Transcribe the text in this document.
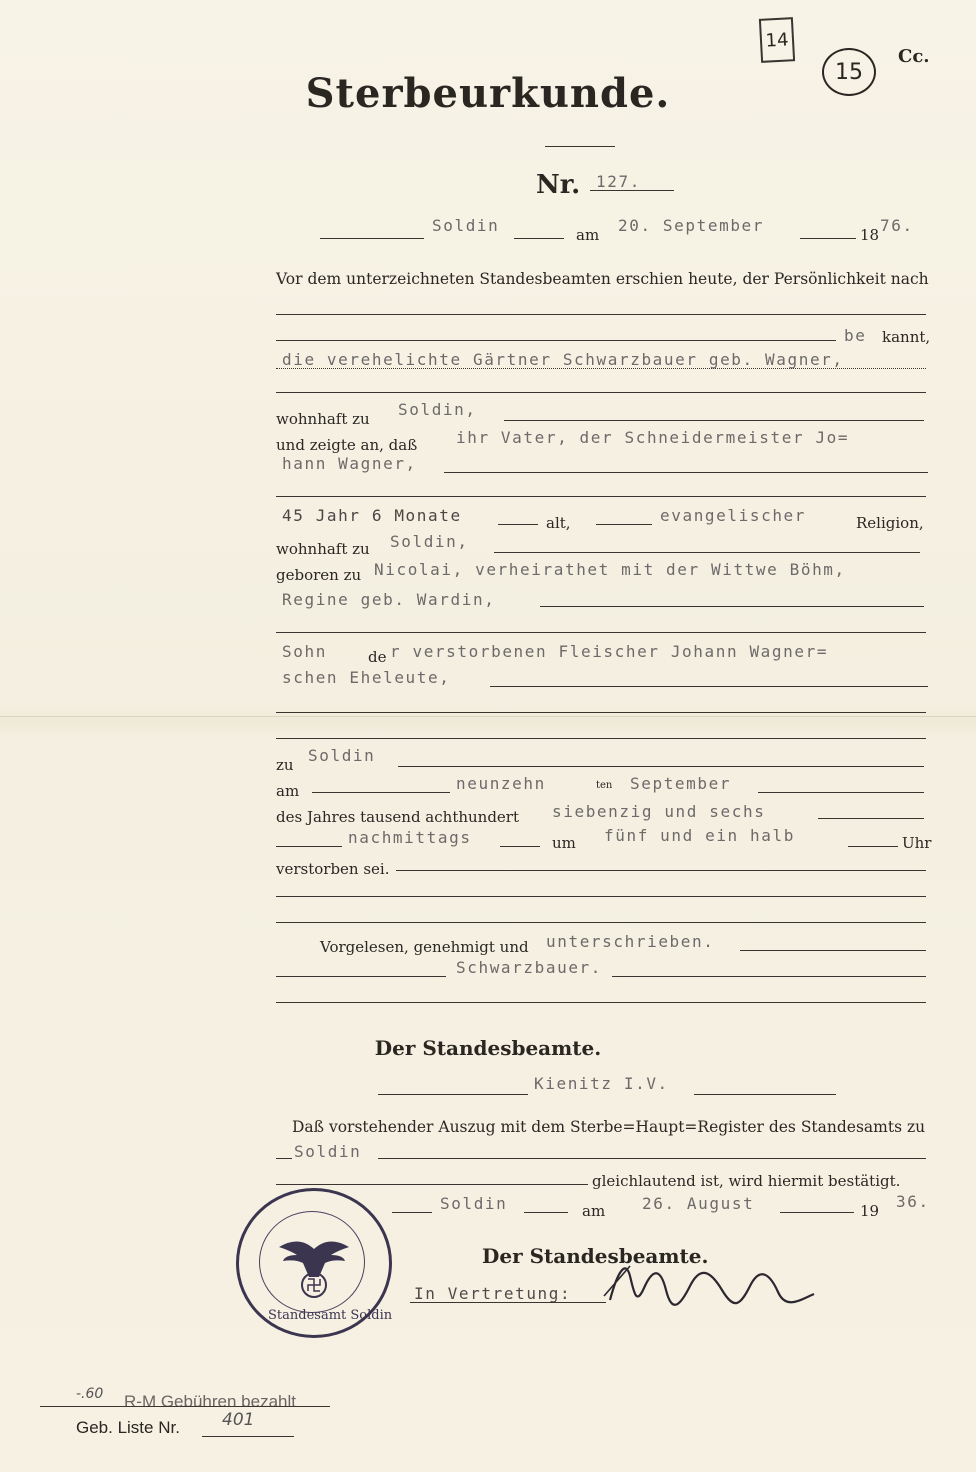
14
15
Cc.
Sterbeurkunde.
Nr. 127.
Soldin	am 20. September	18 76.
Vor dem unterzeichneten Standesbeamten erschien heute, der Persönlichkeit nach
be kannt,
die verehelichte Gärtner Schwarzbauer geb. Wagner,
wohnhaft zu Soldin,
und zeigte an, daß ihr Vater, der Schneidermeister Jo=
hann Wagner,
45 Jahr 6 Monate	alt,	evangelischer	Religion,
wohnhaft zu Soldin,
geboren zu Nicolai, verheirathet mit der Wittwe Böhm,
Regine geb. Wardin,
Sohn	de r verstorbenen Fleischer Johann Wagner=
schen Eheleute,
zu Soldin
am	neunzehn	ten September
des Jahres tausend achthundert siebenzig und sechs
nachmittags	um fünf und ein halb	Uhr
verstorben sei.
Vorgelesen, genehmigt und unterschrieben.
Schwarzbauer.
Der Standesbeamte.
Kienitz I.V.
Daß vorstehender Auszug mit dem Sterbe=Haupt=Register des Standesamts zu
Soldin
gleichlautend ist, wird hiermit bestätigt.
Soldin	am 26. August	19 36.
Der Standesbeamte.
In Vertretung:
Standesamt Soldin
-.60 R-M Gebühren bezahlt
Geb. Liste Nr. 401
